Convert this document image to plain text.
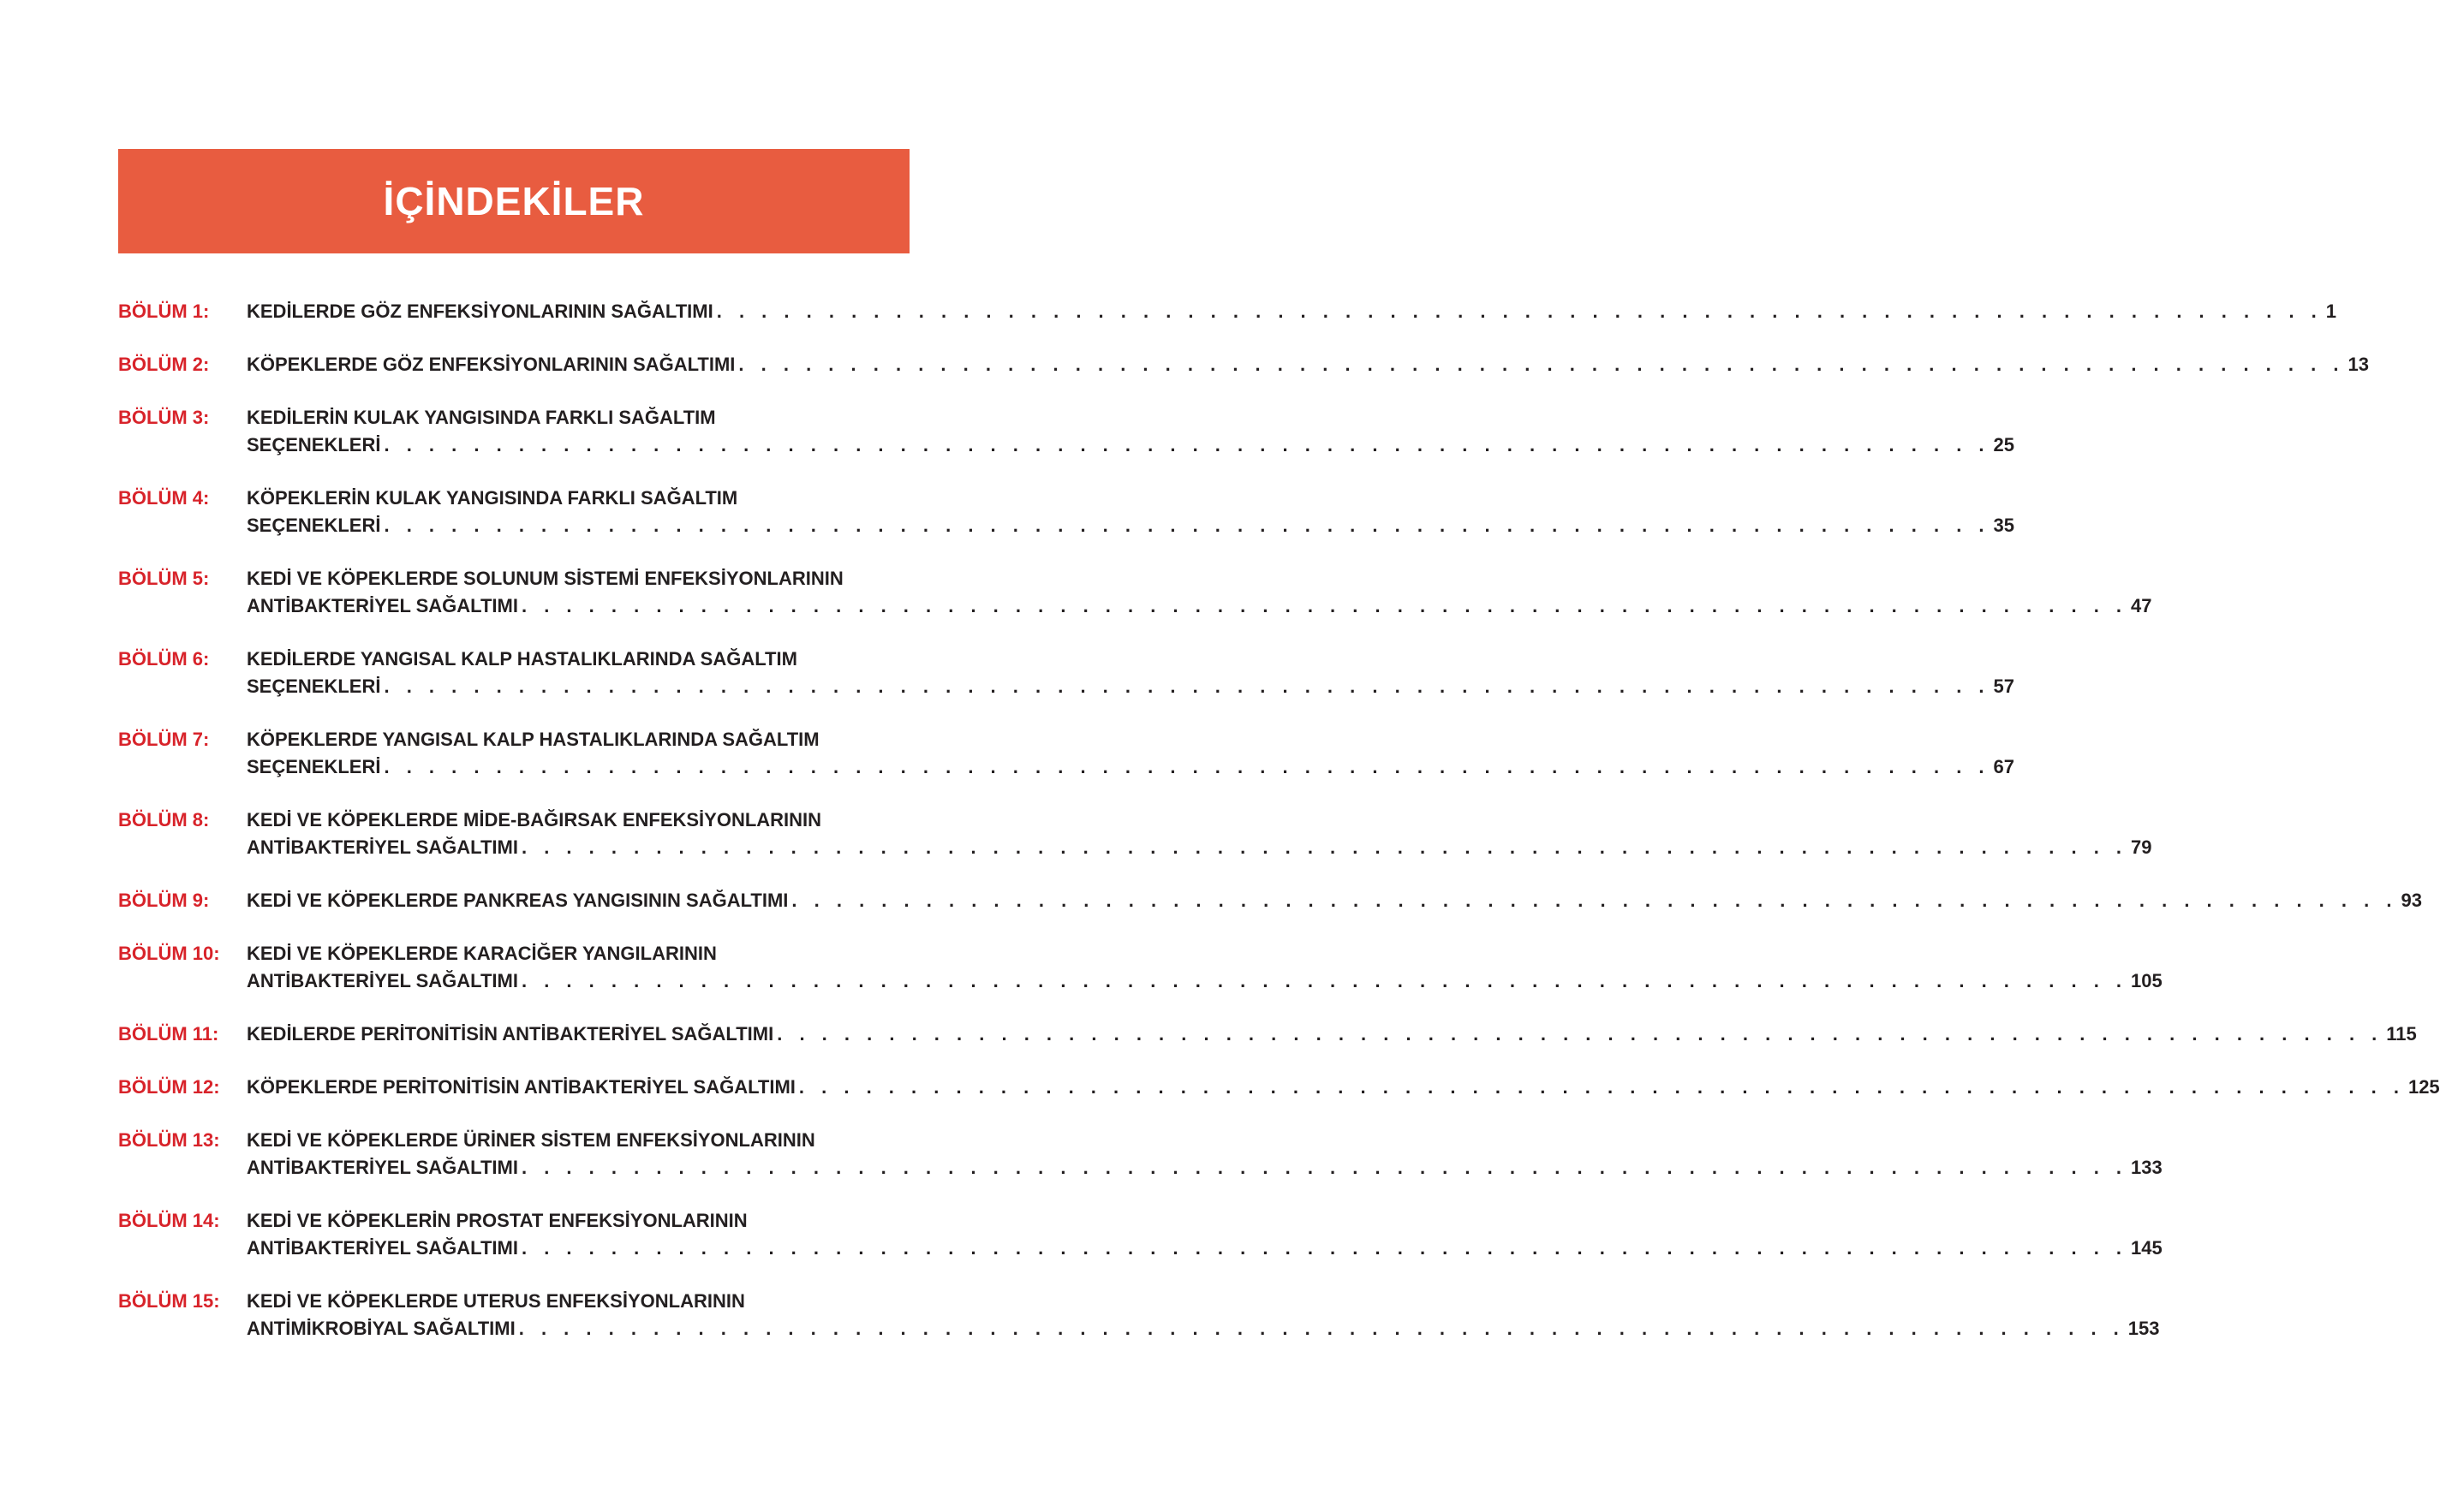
İÇİNDEKİLER
BÖLÜM 1:	KEDİLERDE GÖZ ENFEKSİYONLARININ SAĞALTIMI . . . . . . . . . . . . . . . . . . . . . . . . . . . . . . . . . . . . . . . . . . . . . . . . . . . . . . . . . . . . . . . . . . . . . . . . 1
BÖLÜM 2:	KÖPEKLERDE GÖZ ENFEKSİYONLARININ SAĞALTIMI . . . . . . . . . . . . . . . . . . . . . . . . . . . . . . . . . . . . . . . . . . . . . . . . . . . . . . . . . . . . . . . . . . . . . . . . 13
BÖLÜM 3:	KEDİLERİN KULAK YANGISINDA FARKLI SAĞALTIM
SEÇENEKLERİ . . . . . . . . . . . . . . . . . . . . . . . . . . . . . . . . . . . . . . . . . . . . . . . . . . . . . . . . . . . . . . . . . . . . . . . . 25
BÖLÜM 4:	KÖPEKLERİN KULAK YANGISINDA FARKLI SAĞALTIM
SEÇENEKLERİ . . . . . . . . . . . . . . . . . . . . . . . . . . . . . . . . . . . . . . . . . . . . . . . . . . . . . . . . . . . . . . . . . . . . . . . . 35
BÖLÜM 5:	KEDİ VE KÖPEKLERDE SOLUNUM SİSTEMİ ENFEKSİYONLARININ
ANTİBAKTERİYEL SAĞALTIMI . . . . . . . . . . . . . . . . . . . . . . . . . . . . . . . . . . . . . . . . . . . . . . . . . . . . . . . . . . . . . . . . . . . . . . . . 47
BÖLÜM 6:	KEDİLERDE YANGISAL KALP HASTALIKLARINDA SAĞALTIM
SEÇENEKLERİ . . . . . . . . . . . . . . . . . . . . . . . . . . . . . . . . . . . . . . . . . . . . . . . . . . . . . . . . . . . . . . . . . . . . . . . . 57
BÖLÜM 7:	KÖPEKLERDE YANGISAL KALP HASTALIKLARINDA SAĞALTIM
SEÇENEKLERİ . . . . . . . . . . . . . . . . . . . . . . . . . . . . . . . . . . . . . . . . . . . . . . . . . . . . . . . . . . . . . . . . . . . . . . . . 67
BÖLÜM 8:	KEDİ VE KÖPEKLERDE MİDE-BAĞIRSAK ENFEKSİYONLARININ
ANTİBAKTERİYEL SAĞALTIMI . . . . . . . . . . . . . . . . . . . . . . . . . . . . . . . . . . . . . . . . . . . . . . . . . . . . . . . . . . . . . . . . . . . . . . . . 79
BÖLÜM 9:	KEDİ VE KÖPEKLERDE PANKREAS YANGISININ SAĞALTIMI . . . . . . . . . . . . . . . . . . . . . . . . . . . . . . . . . . . . . . . . . . . . . . . . . . . . . . . . . . . . . . . . . . . . . . . . 93
BÖLÜM 10:	KEDİ VE KÖPEKLERDE KARACİĞER YANGILARININ
ANTİBAKTERİYEL SAĞALTIMI . . . . . . . . . . . . . . . . . . . . . . . . . . . . . . . . . . . . . . . . . . . . . . . . . . . . . . . . . . . . . . . . . . . . . . . . 105
BÖLÜM 11:	KEDİLERDE PERİTONİTİSİN ANTİBAKTERİYEL SAĞALTIMI . . . . . . . . . . . . . . . . . . . . . . . . . . . . . . . . . . . . . . . . . . . . . . . . . . . . . . . . . . . . . . . . . . . . . . . . 115
BÖLÜM 12:	KÖPEKLERDE PERİTONİTİSİN ANTİBAKTERİYEL SAĞALTIMI . . . . . . . . . . . . . . . . . . . . . . . . . . . . . . . . . . . . . . . . . . . . . . . . . . . . . . . . . . . . . . . . . . . . . . . . 125
BÖLÜM 13:	KEDİ VE KÖPEKLERDE ÜRİNER SİSTEM ENFEKSİYONLARININ
ANTİBAKTERİYEL SAĞALTIMI . . . . . . . . . . . . . . . . . . . . . . . . . . . . . . . . . . . . . . . . . . . . . . . . . . . . . . . . . . . . . . . . . . . . . . . . 133
BÖLÜM 14:	KEDİ VE KÖPEKLERİN PROSTAT ENFEKSİYONLARININ
ANTİBAKTERİYEL SAĞALTIMI . . . . . . . . . . . . . . . . . . . . . . . . . . . . . . . . . . . . . . . . . . . . . . . . . . . . . . . . . . . . . . . . . . . . . . . . 145
BÖLÜM 15:	KEDİ VE KÖPEKLERDE UTERUS ENFEKSİYONLARININ
ANTİMİKROBİYAL SAĞALTIMI . . . . . . . . . . . . . . . . . . . . . . . . . . . . . . . . . . . . . . . . . . . . . . . . . . . . . . . . . . . . . . . . . . . . . . . . 153
